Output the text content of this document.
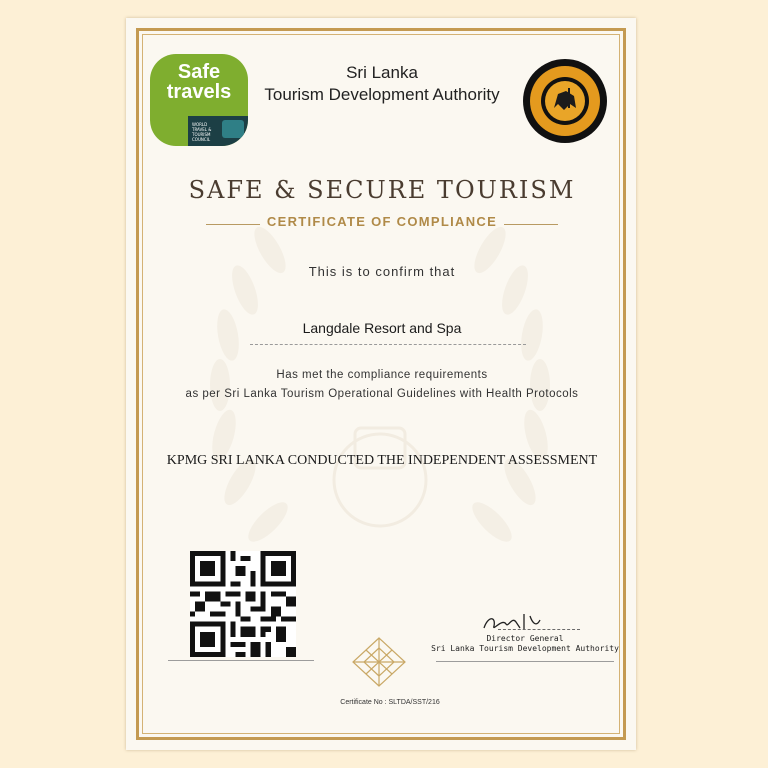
Safe
travels
WORLD TRAVEL & TOURISM COUNCIL
Sri Lanka
Tourism Development Authority
SAFE & SECURE TOURISM
CERTIFICATE OF COMPLIANCE
This is to confirm that
Langdale Resort and Spa
Has met the compliance requirements
as per Sri Lanka Tourism Operational Guidelines with Health Protocols
KPMG SRI LANKA CONDUCTED THE INDEPENDENT ASSESSMENT
Director General
Sri Lanka Tourism Development Authority
Certificate No : SLTDA/SST/216
